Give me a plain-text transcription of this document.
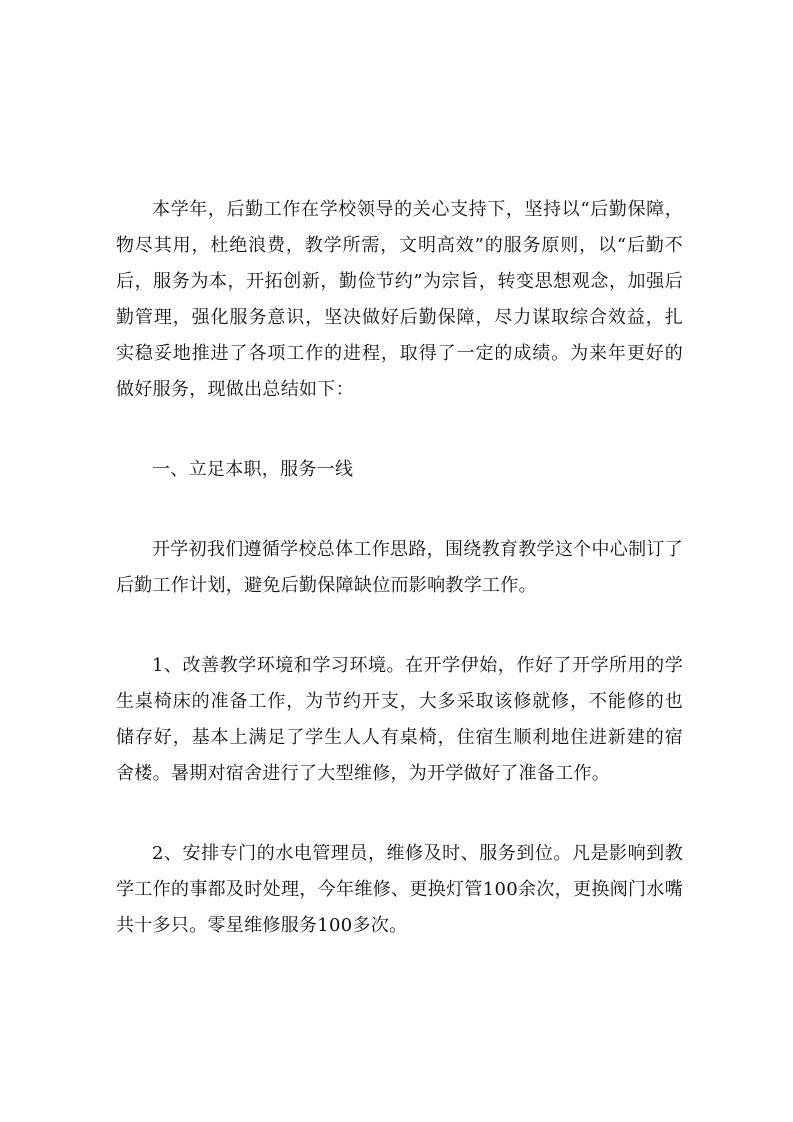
本学年，后勤工作在学校领导的关心支持下，坚持以“后勤保障，物尽其用，杜绝浪费，教学所需，文明高效”的服务原则，以“后勤不后，服务为本，开拓创新，勤俭节约”为宗旨，转变思想观念，加强后勤管理，强化服务意识，坚决做好后勤保障，尽力谋取综合效益，扎实稳妥地推进了各项工作的进程，取得了一定的成绩。为来年更好的做好服务，现做出总结如下：

一、立足本职，服务一线

开学初我们遵循学校总体工作思路，围绕教育教学这个中心制订了后勤工作计划，避免后勤保障缺位而影响教学工作。

1、改善教学环境和学习环境。在开学伊始，作好了开学所用的学生桌椅床的准备工作，为节约开支，大多采取该修就修，不能修的也储存好，基本上满足了学生人人有桌椅，住宿生顺利地住进新建的宿舍楼。暑期对宿舍进行了大型维修，为开学做好了准备工作。

2、安排专门的水电管理员，维修及时、服务到位。凡是影响到教学工作的事都及时处理，今年维修、更换灯管100余次，更换阀门水嘴共十多只。零星维修服务100多次。
